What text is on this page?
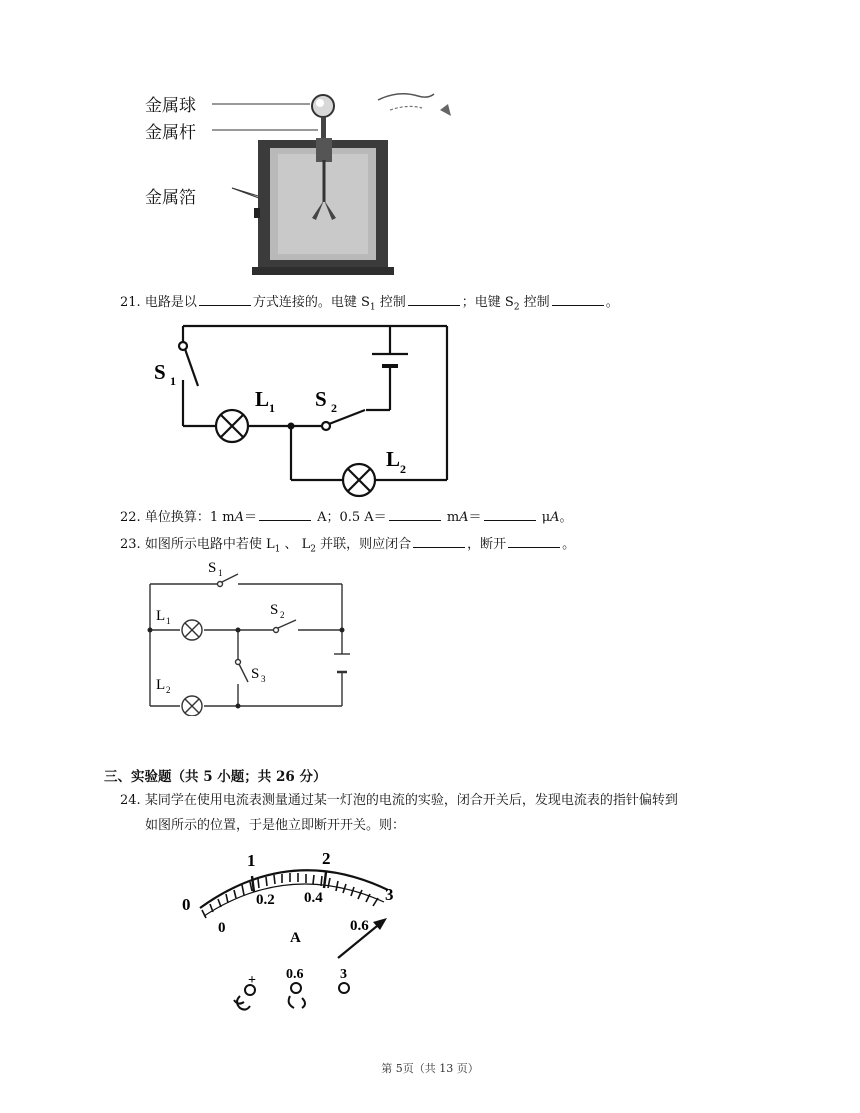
金属球
金属杆
金属箔
21. 电路是以	方式连接的。电键 $S_1$ 控制	；电键 $S_2$ 控制	。
S 1
L 1 S 2
L 2
22. 单位换算：1 mA＝	A；0.5 A＝	mA＝	μA。
23. 如图所示电路中若使 $L_1$ 、 $L_2$ 并联，则应闭合	，断开	。
S 1
S 2
S 3
L 1
L 2
三、实验题（共 5 小题；共 26 分）
24. 某同学在使用电流表测量通过某一灯泡的电流的实验，闭合开关后，发现电流表的指针偏转到
如图所示的位置，于是他立即断开开关。则：
0
1	2
3
0
0.2 0.4
0.6
A
+ 0.6	3
第 5页（共 13 页）
